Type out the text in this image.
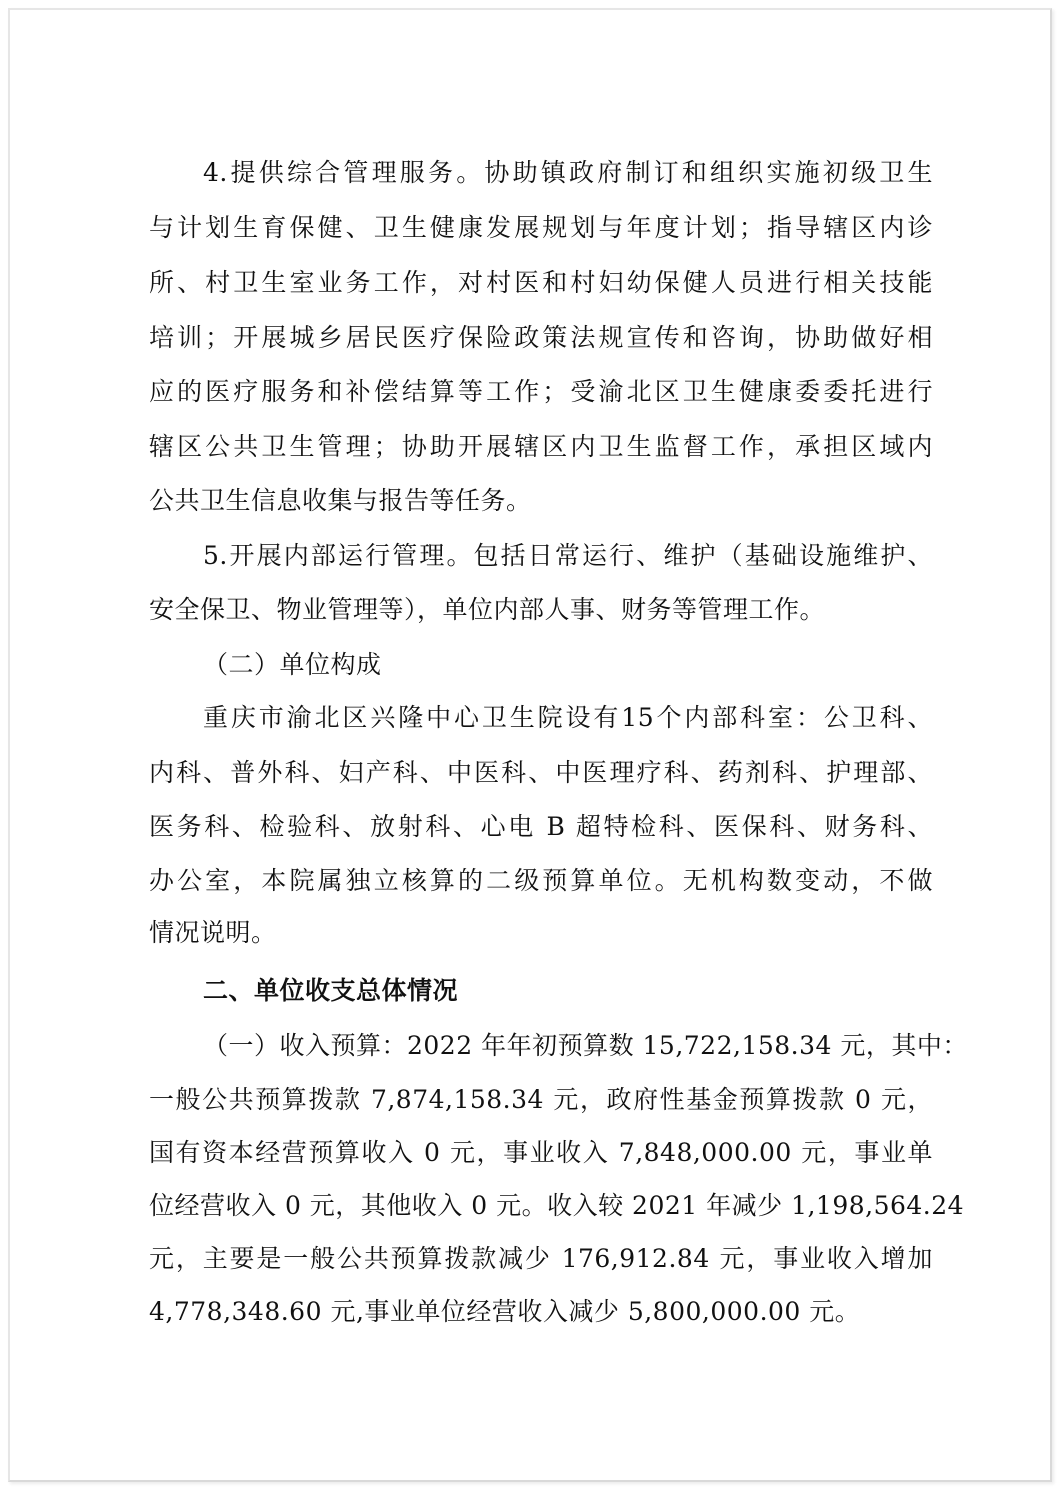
4.提供综合管理服务。协助镇政府制订和组织实施初级卫生
与计划生育保健、卫生健康发展规划与年度计划；指导辖区内诊
所、村卫生室业务工作，对村医和村妇幼保健人员进行相关技能
培训；开展城乡居民医疗保险政策法规宣传和咨询，协助做好相
应的医疗服务和补偿结算等工作；受渝北区卫生健康委委托进行
辖区公共卫生管理；协助开展辖区内卫生监督工作，承担区域内
公共卫生信息收集与报告等任务。
5.开展内部运行管理。包括日常运行、维护（基础设施维护、
安全保卫、物业管理等），单位内部人事、财务等管理工作。
（二）单位构成
重庆市渝北区兴隆中心卫生院设有15个内部科室：公卫科、
内科、普外科、妇产科、中医科、中医理疗科、药剂科、护理部、
医务科、检验科、放射科、心电 B 超特检科、医保科、财务科、
办公室，本院属独立核算的二级预算单位。无机构数变动，不做
情况说明。
二、单位收支总体情况
（一）收入预算：2022 年年初预算数 15,722,158.34 元，其中：
一般公共预算拨款 7,874,158.34 元，政府性基金预算拨款 0 元，
国有资本经营预算收入 0 元，事业收入 7,848,000.00 元，事业单
位经营收入 0 元，其他收入 0 元。收入较 2021 年减少 1,198,564.24
元，主要是一般公共预算拨款减少 176,912.84 元，事业收入增加
4,778,348.60 元,事业单位经营收入减少 5,800,000.00 元。
